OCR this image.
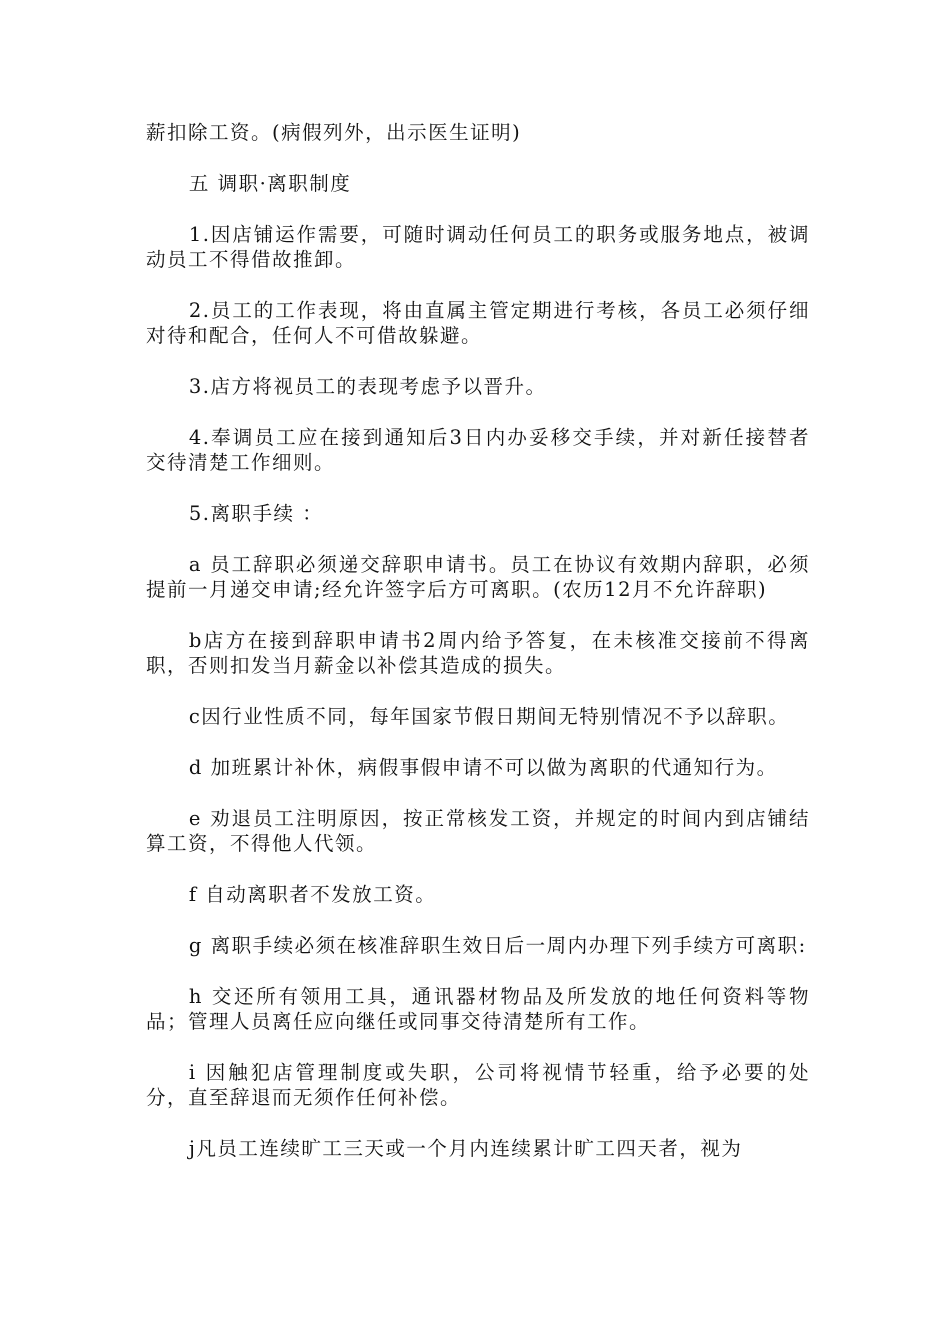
薪扣除工资。(病假列外，出示医生证明)

五 调职·离职制度

1.因店铺运作需要，可随时调动任何员工的职务或服务地点，被调动员工不得借故推卸。

2.员工的工作表现，将由直属主管定期进行考核，各员工必须仔细对待和配合，任何人不可借故躲避。

3.店方将视员工的表现考虑予以晋升。

4.奉调员工应在接到通知后3日内办妥移交手续，并对新任接替者交待清楚工作细则。

5.离职手续 ：

a 员工辞职必须递交辞职申请书。员工在协议有效期内辞职，必须提前一月递交申请;经允许签字后方可离职。(农历12月不允许辞职)

b店方在接到辞职申请书2周内给予答复，在未核准交接前不得离职，否则扣发当月薪金以补偿其造成的损失。

c因行业性质不同，每年国家节假日期间无特别情况不予以辞职。

d 加班累计补休，病假事假申请不可以做为离职的代通知行为。

e 劝退员工注明原因，按正常核发工资，并规定的时间内到店铺结算工资，不得他人代领。

f 自动离职者不发放工资。

g 离职手续必须在核准辞职生效日后一周内办理下列手续方可离职:

h 交还所有领用工具，通讯器材物品及所发放的地任何资料等物品；管理人员离任应向继任或同事交待清楚所有工作。

i 因触犯店管理制度或失职，公司将视情节轻重，给予必要的处分，直至辞退而无须作任何补偿。

j凡员工连续旷工三天或一个月内连续累计旷工四天者，视为
